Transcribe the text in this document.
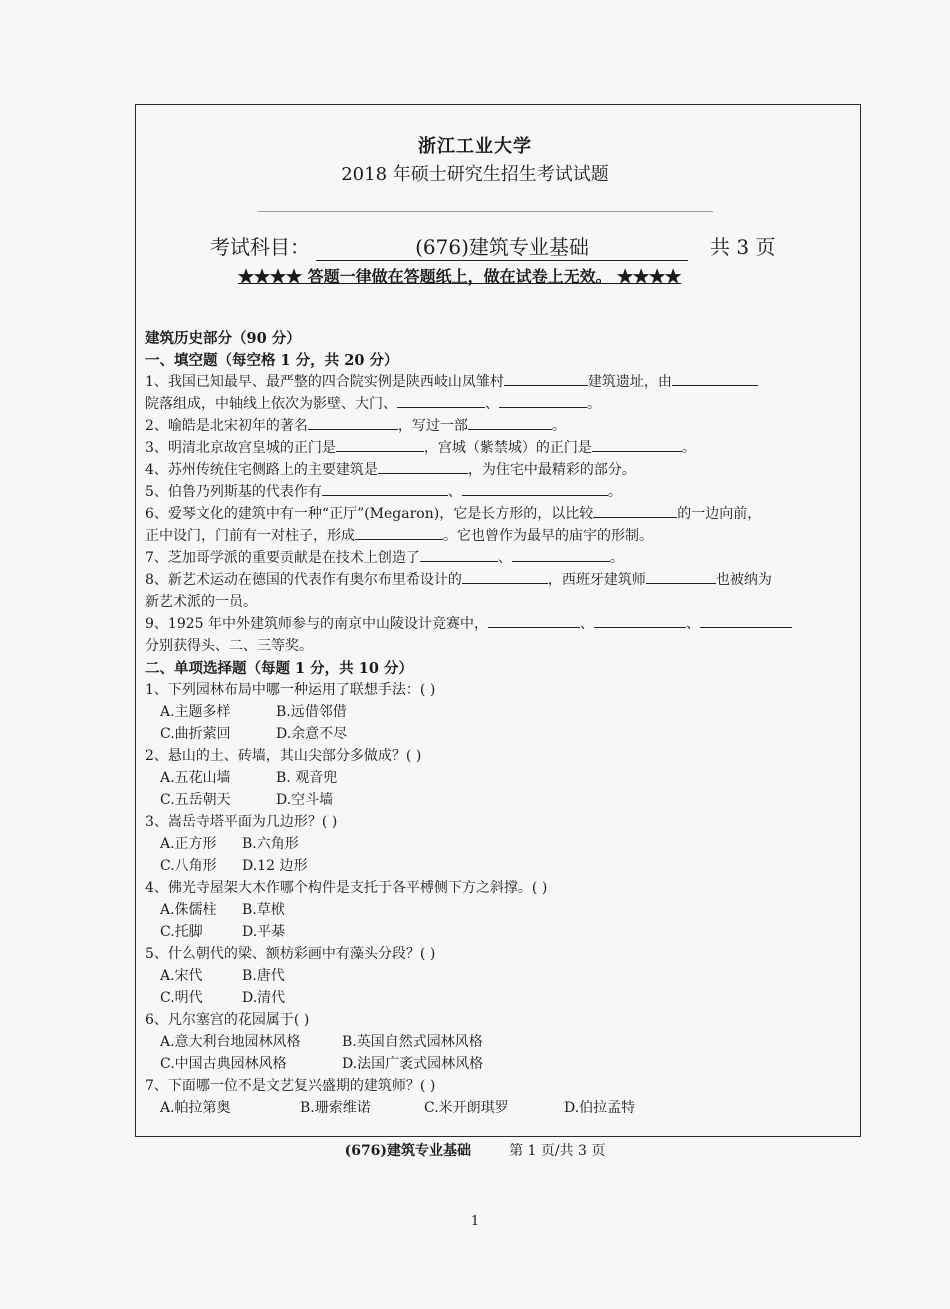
浙江工业大学
2018 年硕士研究生招生考试试题
考试科目：	(676)建筑专业基础	共 3 页
★★★★ 答题一律做在答题纸上，做在试卷上无效。 ★★★★
建筑历史部分（90 分）
一、填空题（每空格 1 分，共 20 分）
1、我国已知最早、最严整的四合院实例是陕西岐山凤雏村	建筑遗址，由
院落组成，中轴线上依次为影壁、大门、	、	。
2、喻皓是北宋初年的著名	，写过一部	。
3、明清北京故宫皇城的正门是	，宫城（紫禁城）的正门是	。
4、苏州传统住宅侧路上的主要建筑是	，为住宅中最精彩的部分。
5、伯鲁乃列斯基的代表作有	、	。
6、爱琴文化的建筑中有一种“正厅”(Megaron)，它是长方形的，以比较	的一边向前，
正中设门，门前有一对柱子，形成	。它也曾作为最早的庙宇的形制。
7、芝加哥学派的重要贡献是在技术上创造了	、	。
8、新艺术运动在德国的代表作有奥尔布里希设计的	，西班牙建筑师	也被纳为
新艺术派的一员。
9、1925 年中外建筑师参与的南京中山陵设计竞赛中，	、	、
分别获得头、二、三等奖。
二、单项选择题（每题 1 分，共 10 分）
1、下列园林布局中哪一种运用了联想手法：( )
A.主题多样	B.远借邻借
C.曲折萦回	D.余意不尽
2、悬山的土、砖墙，其山尖部分多做成？( )
A.五花山墙	B. 观音兜
C.五岳朝天	D.空斗墙
3、嵩岳寺塔平面为几边形？( )
A.正方形 B.六角形
C.八角形 D.12 边形
4、佛光寺屋架大木作哪个构件是支托于各平榑侧下方之斜撑。( )
A.侏儒柱 B.草栿
C.托脚	D.平棊
5、什么朝代的梁、额枋彩画中有藻头分段？( )
A.宋代	B.唐代
C.明代	D.清代
6、凡尔塞宫的花园属于( )
A.意大利台地园林风格	B.英国自然式园林风格
C.中国古典园林风格	D.法国广袤式园林风格
7、下面哪一位不是文艺复兴盛期的建筑师？( )
A.帕拉第奥	B.珊索维诺	C.米开朗琪罗	D.伯拉孟特
(676)建筑专业基础	第 1 页/共 3 页
1
